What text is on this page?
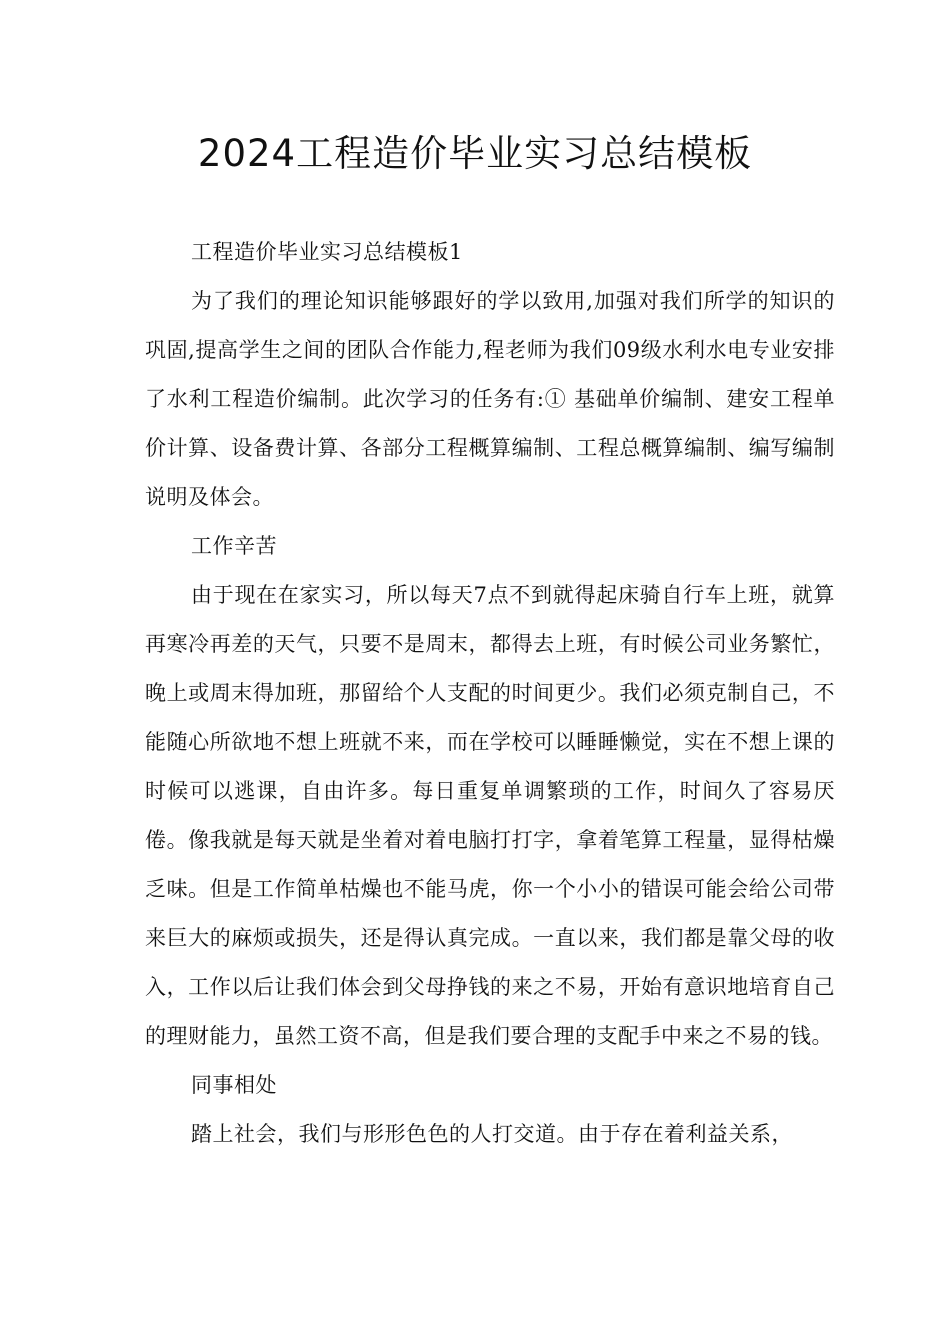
2024工程造价毕业实习总结模板

工程造价毕业实习总结模板1

为了我们的理论知识能够跟好的学以致用,加强对我们所学的知识的巩固,提高学生之间的团队合作能力,程老师为我们09级水利水电专业安排了水利工程造价编制。此次学习的任务有:① 基础单价编制、建安工程单价计算、设备费计算、各部分工程概算编制、工程总概算编制、编写编制说明及体会。

工作辛苦

由于现在在家实习，所以每天7点不到就得起床骑自行车上班，就算再寒冷再差的天气，只要不是周末，都得去上班，有时候公司业务繁忙，晚上或周末得加班，那留给个人支配的时间更少。我们必须克制自己，不能随心所欲地不想上班就不来，而在学校可以睡睡懒觉，实在不想上课的时候可以逃课，自由许多。每日重复单调繁琐的工作，时间久了容易厌倦。像我就是每天就是坐着对着电脑打打字，拿着笔算工程量，显得枯燥乏味。但是工作简单枯燥也不能马虎，你一个小小的错误可能会给公司带来巨大的麻烦或损失，还是得认真完成。一直以来，我们都是靠父母的收入，工作以后让我们体会到父母挣钱的来之不易，开始有意识地培育自己的理财能力，虽然工资不高，但是我们要合理的支配手中来之不易的钱。

同事相处

踏上社会，我们与形形色色的人打交道。由于存在着利益关系，
